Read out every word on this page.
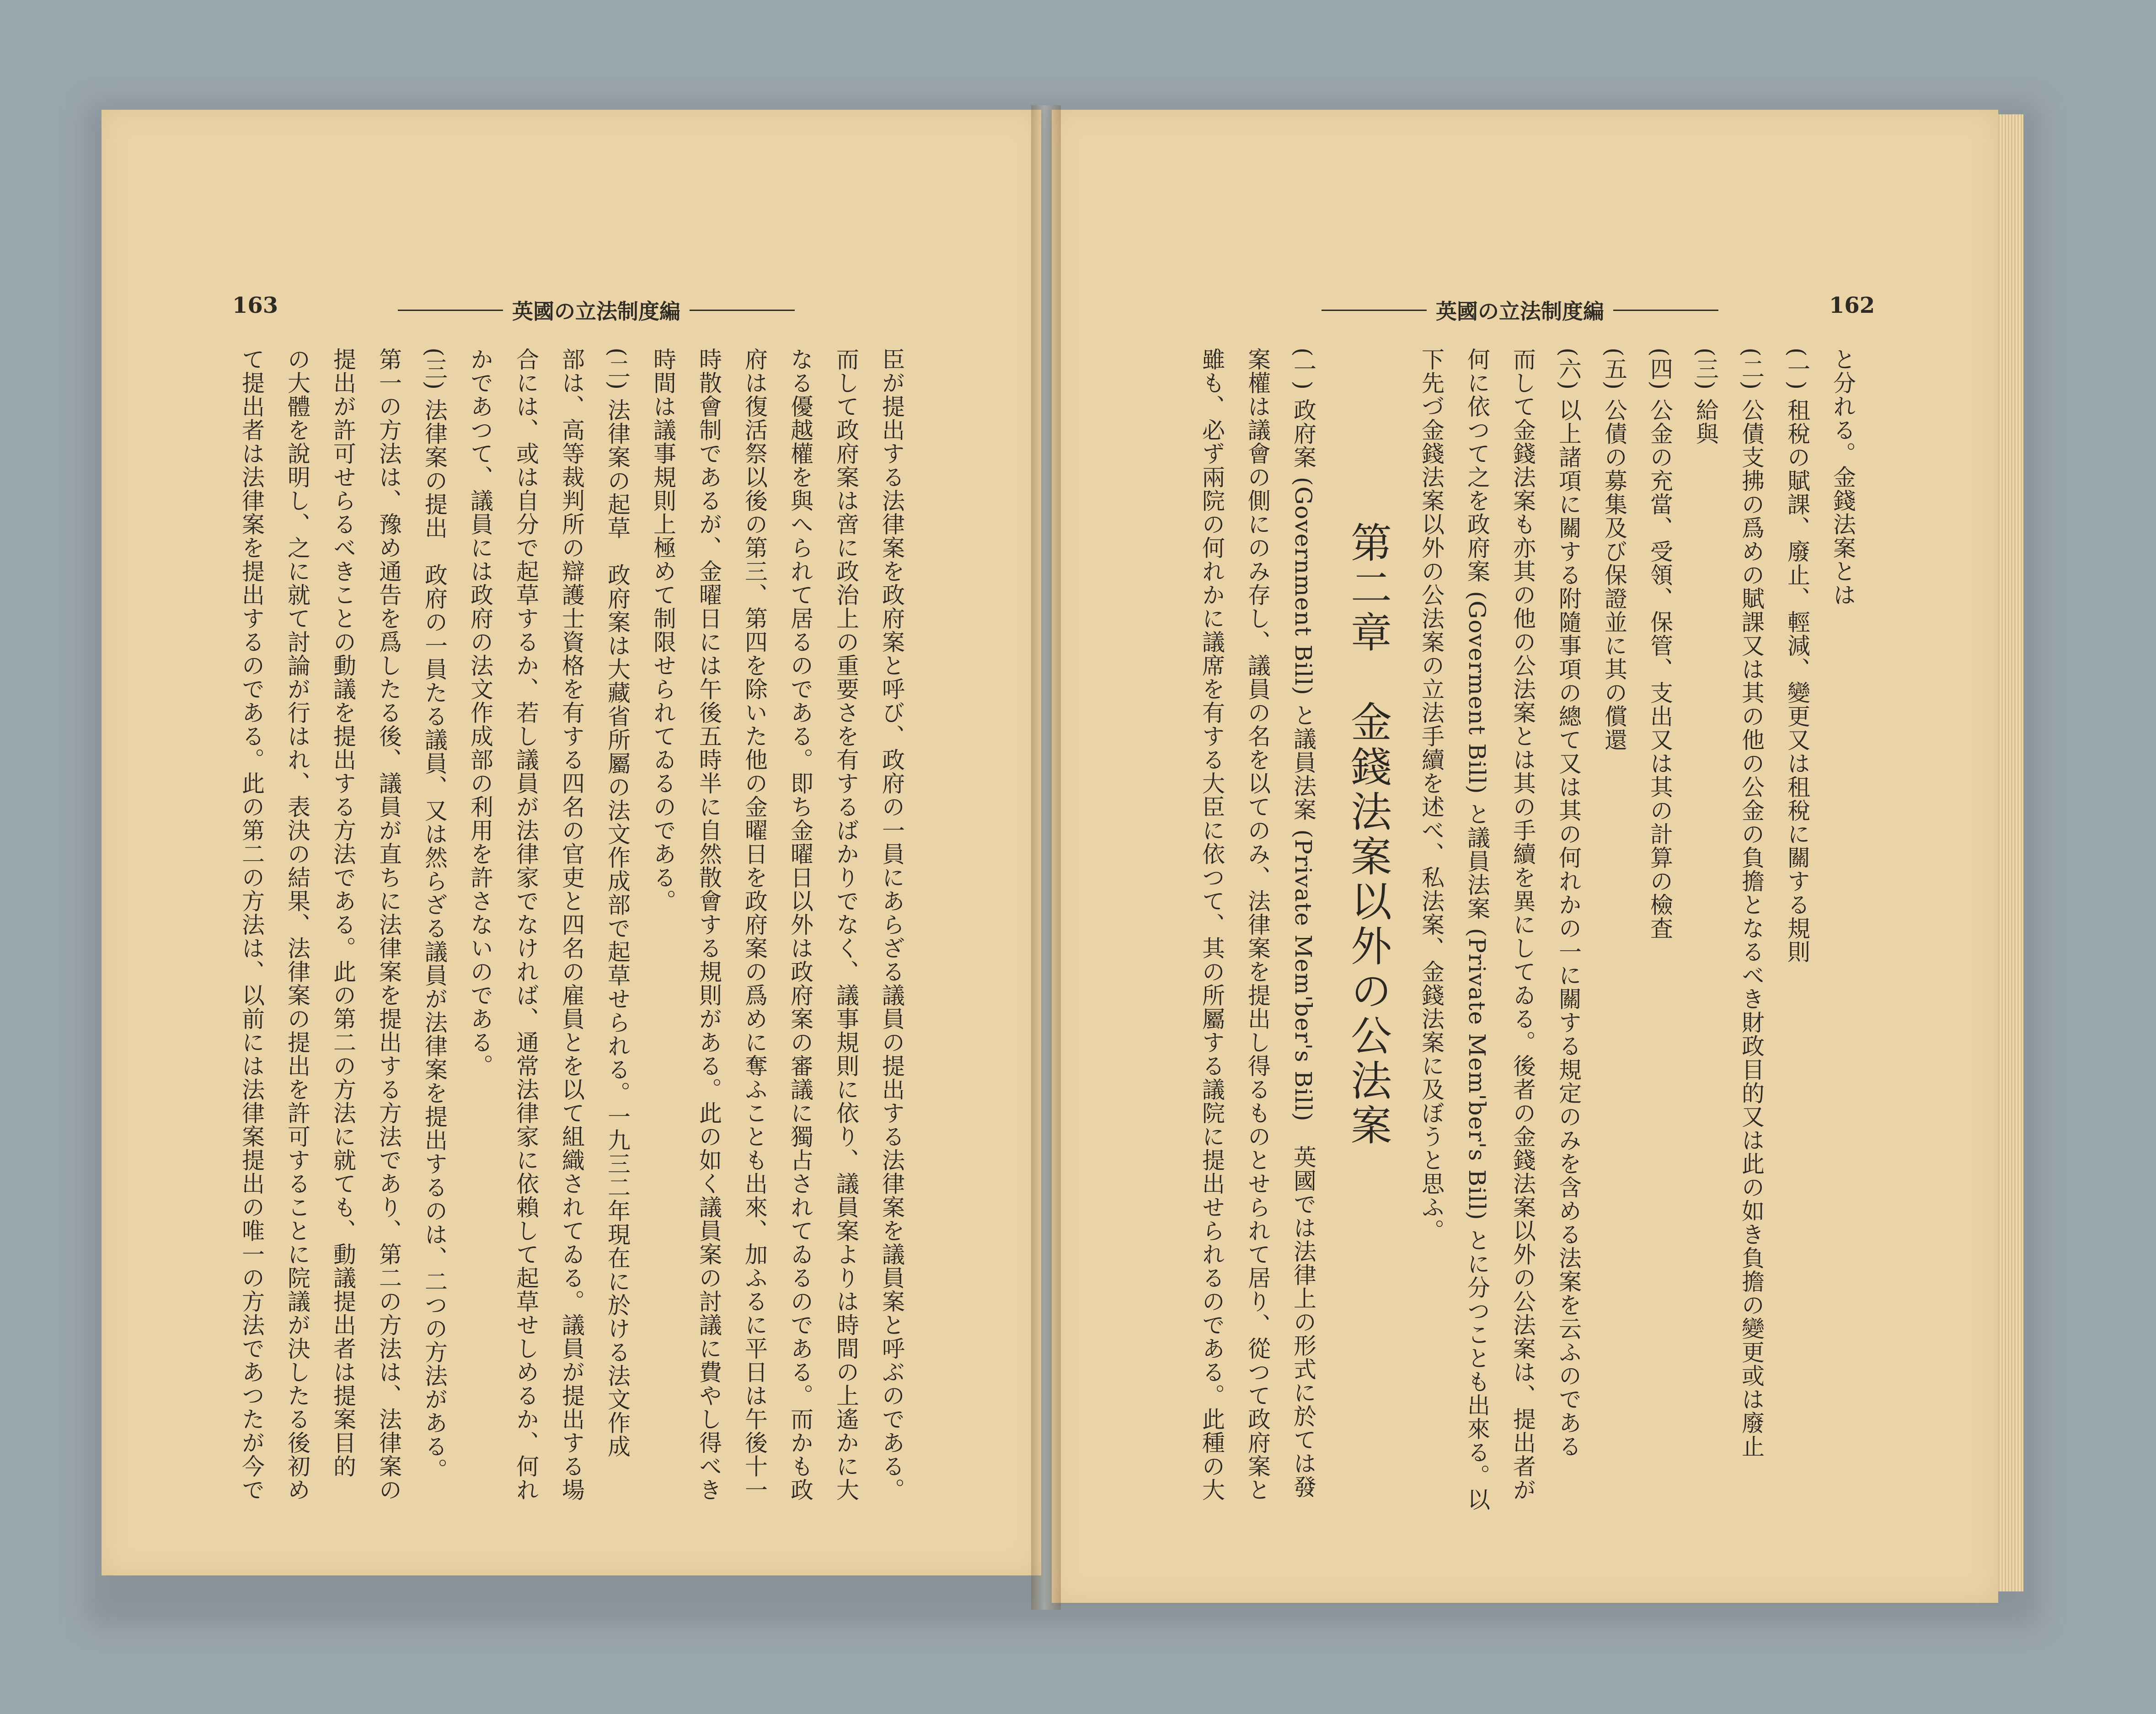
163	英國の立法制度編

臣が提出する法律案を政府案と呼び、政府の一員にあらざる議員の提出する法律案を議員案と呼ぶのである。

而して政府案は啻に政治上の重要さを有するばかりでなく、議事規則に依り、議員案よりは時間の上遙かに大

なる優越權を與へられて居るのである。即ち金曜日以外は政府案の審議に獨占されてゐるのである。而かも政

府は復活祭以後の第三、第四を除いた他の金曜日を政府案の爲めに奪ふことも出來、加ふるに平日は午後十一

時散會制であるが、金曜日には午後五時半に自然散會する規則がある。此の如く議員案の討議に費やし得べき

時間は議事規則上極めて制限せられてゐるのである。

(二) 法律案の起草　政府案は大藏省所屬の法文作成部で起草せられる。一九三二年現在に於ける法文作成

部は、高等裁判所の辯護士資格を有する四名の官吏と四名の雇員とを以て組織されてゐる。議員が提出する場

合には、或は自分で起草するか、若し議員が法律家でなければ、通常法律家に依賴して起草せしめるか、何れ

かであつて、議員には政府の法文作成部の利用を許さないのである。

(三) 法律案の提出　政府の一員たる議員、又は然らざる議員が法律案を提出するのは、二つの方法がある。

第一の方法は、豫め通告を爲したる後、議員が直ちに法律案を提出する方法であり、第二の方法は、法律案の

提出が許可せらるべきことの動議を提出する方法である。此の第二の方法に就ても、動議提出者は提案目的

の大體を說明し、之に就て討論が行はれ、表決の結果、法律案の提出を許可することに院議が決したる後初め

て提出者は法律案を提出するのである。此の第二の方法は、以前には法律案提出の唯一の方法であつたが今で

英國の立法制度編	162

と分れる。金錢法案とは

(一) 租稅の賦課、廢止、輕減、變更又は租稅に關する規則

(二) 公債支拂の爲めの賦課又は其の他の公金の負擔となるべき財政目的又は此の如き負擔の變更或は廢止

(三) 給與

(四) 公金の充當、受領、保管、支出又は其の計算の檢査

(五) 公債の募集及び保證並に其の償還

(六) 以上諸項に關する附隨事項の總て又は其の何れかの一に關する規定のみを含める法案を云ふのである

而して金錢法案も亦其の他の公法案とは其の手續を異にしてゐる。後者の金錢法案以外の公法案は、提出者が

何に依つて之を政府案 (Goverment Bill) と議員法案 (Private Mem'ber's Bill) とに分つことも出來る。以

下先づ金錢法案以外の公法案の立法手續を述べ、私法案、金錢法案に及ぼうと思ふ。

第二章　金錢法案以外の公法案

(一) 政府案 (Government Bill) と議員法案 (Private Mem'ber's Bill)　英國では法律上の形式に於ては發

案權は議會の側にのみ存し、議員の名を以てのみ、法律案を提出し得るものとせられて居り、從つて政府案と

雖も、必ず兩院の何れかに議席を有する大臣に依つて、其の所屬する議院に提出せられるのである。此種の大
